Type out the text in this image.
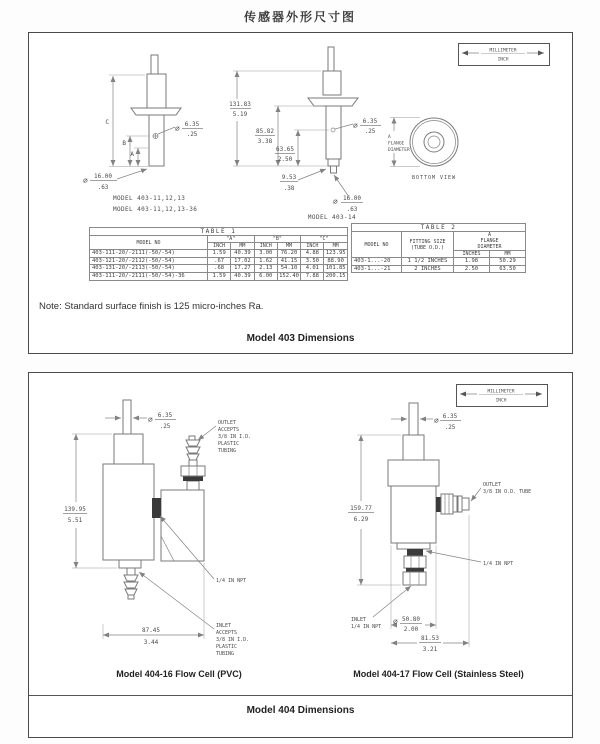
传感器外形尺寸图
MILLIMETER
INCH
⌀ 6.35
.25
C
B
A
⌀ 16.00
.63
MODEL 403-11,12,13
MODEL 403-11,12,13-36
⌀ 6.35
.25
131.83
5.19
85.82
3.38
63.65
2.50
9.53
.38
⌀ 16.00
.63
MODEL 403-14
A
FLANGE
DIAMETER
BOTTOM VIEW
TABLE 1						
MODEL NO	"A"		"B"		"C"	
	INCH	MM	INCH	MM	INCH	MM
403-111-20/-2111(-50/-54)	1.59	40.39	3.00	76.20	4.88	123.95
403-121-20/-2112(-50/-54)	.67	17.02	1.62	41.15	3.50	88.90
403-131-20/-2113(-50/-54)	.68	17.27	2.13	54.10	4.01	101.85
403-111-20/-2111(-50/-54)-36	1.59	40.39	6.00	152.40	7.88	200.15
TABLE 2			
MODEL NO	FITTING SIZE
(TUBE O.D.)	A
FLANGE
DIAMETER	

		INCHES	MM
403-1...-20	1 1/2 INCHES	1.98	50.29
403-1...-21	2 INCHES	2.50	63.50
Note: Standard surface finish is 125 micro-inches Ra.
Model 403 Dimensions
MILLIMETER
INCH
⌀ 6.35
.25	OUTLET
ACCEPTS
3/8 IN I.D.
PLASTIC
TUBING
1/4 IN NPT
INLET
ACCEPTS
3/8 IN I.D.
PLASTIC
TUBING
139.95
5.51
87.45
3.44
⌀ 6.35
.25
OUTLET
3/8 IN O.D. TUBE
1/4 IN NPT
INLET
1/4 IN NPT
159.77
6.29
⌀ 50.80
2.00
81.53
3.21
Model 404-16 Flow Cell (PVC)	Model 404-17 Flow Cell (Stainless Steel)
Model 404 Dimensions
